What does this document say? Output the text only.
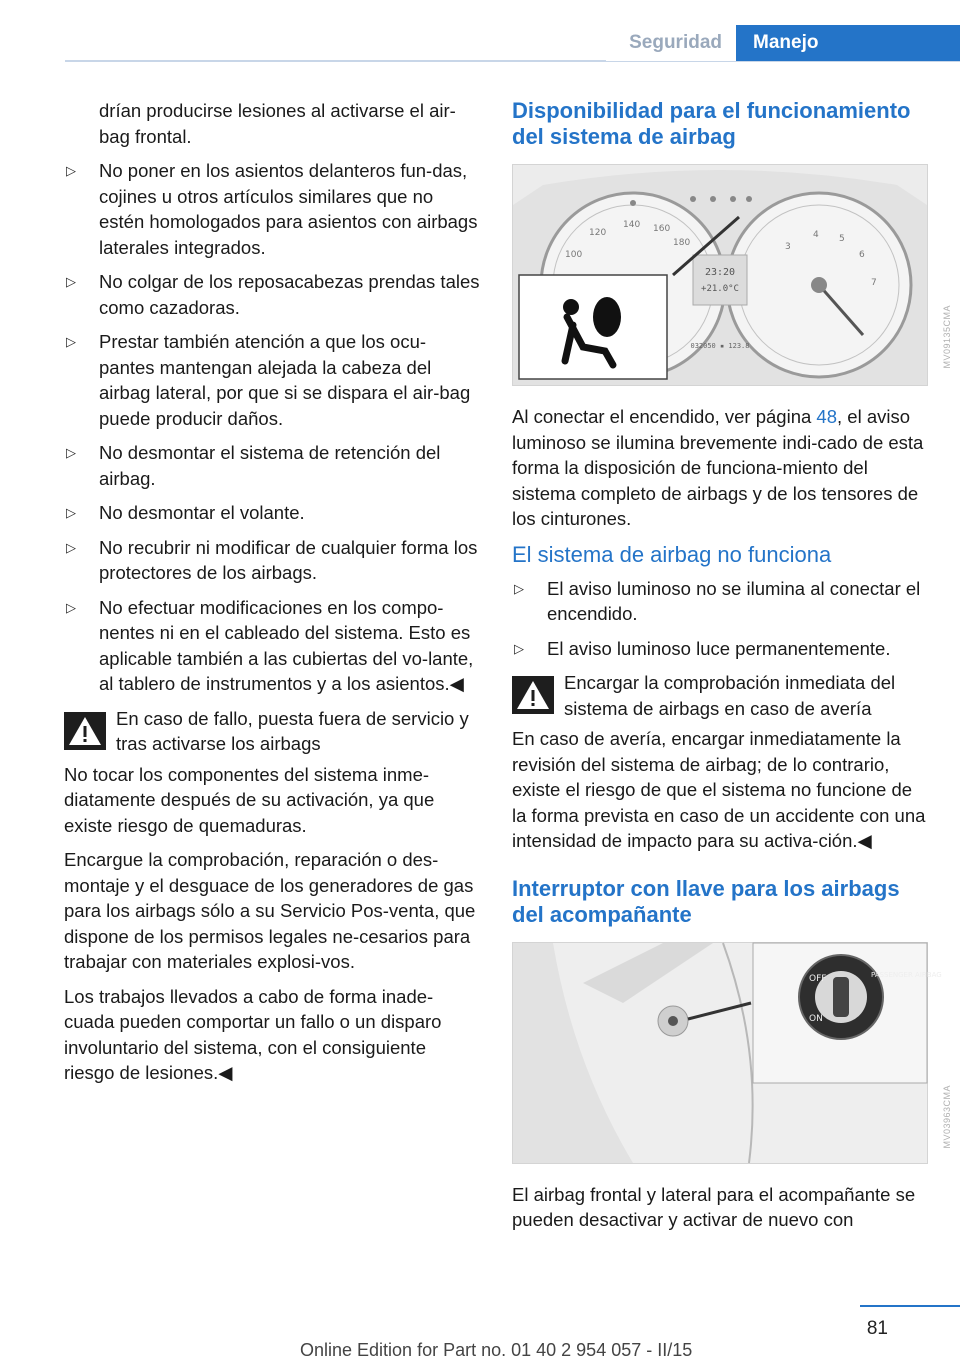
Seguridad	Manejo

drían producirse lesiones al activarse el air-bag frontal.

▷ No poner en los asientos delanteros fun-das, cojines u otros artículos similares que no estén homologados para asientos con airbags laterales integrados.
▷ No colgar de los reposacabezas prendas tales como cazadoras.
▷ Prestar también atención a que los ocu-pantes mantengan alejada la cabeza del airbag lateral, por que si se dispara el air-bag puede producir daños.
▷ No desmontar el sistema de retención del airbag.
▷ No desmontar el volante.
▷ No recubrir ni modificar de cualquier forma los protectores de los airbags.
▷ No efectuar modificaciones en los compo-nentes ni en el cableado del sistema. Esto es aplicable también a las cubiertas del vo-lante, al tablero de instrumentos y a los asientos.◀
En caso de fallo, puesta fuera de servicio y tras activarse los airbags

No tocar los componentes del sistema inme-diatamente después de su activación, ya que existe riesgo de quemaduras.

Encargue la comprobación, reparación o des-montaje y el desguace de los generadores de gas para los airbags sólo a su Servicio Pos-venta, que dispone de los permisos legales ne-cesarios para trabajar con materiales explosi-vos.

Los trabajos llevados a cabo de forma inade-cuada pueden comportar un fallo o un disparo involuntario del sistema, con el consiguiente riesgo de lesiones.◀

Disponibilidad para el funcionamiento del sistema de airbag
23:20
+21.0°C
032050 ▪ 123.8
100
120
140 160
180	3
4 5
6
7
MV09135CMA

Al conectar el encendido, ver página 48, el aviso luminoso se ilumina brevemente indi-cado de esta forma la disposición de funciona-miento del sistema completo de airbags y de los tensores de los cinturones.

El sistema de airbag no funciona
▷ El aviso luminoso no se ilumina al conectar el encendido.
▷ El aviso luminoso luce permanentemente.
Encargar la comprobación inmediata del sistema de airbags en caso de avería

En caso de avería, encargar inmediatamente la revisión del sistema de airbag; de lo contrario, existe el riesgo de que el sistema no funcione de la forma prevista en caso de un accidente con una intensidad de impacto para su activa-ción.◀

Interruptor con llave para los airbags del acompañante
OFF
ON
PASSENGER AIRBAG
MV03963CMA

El airbag frontal y lateral para el acompañante se pueden desactivar y activar de nuevo con

81
Online Edition for Part no. 01 40 2 954 057 - II/15
